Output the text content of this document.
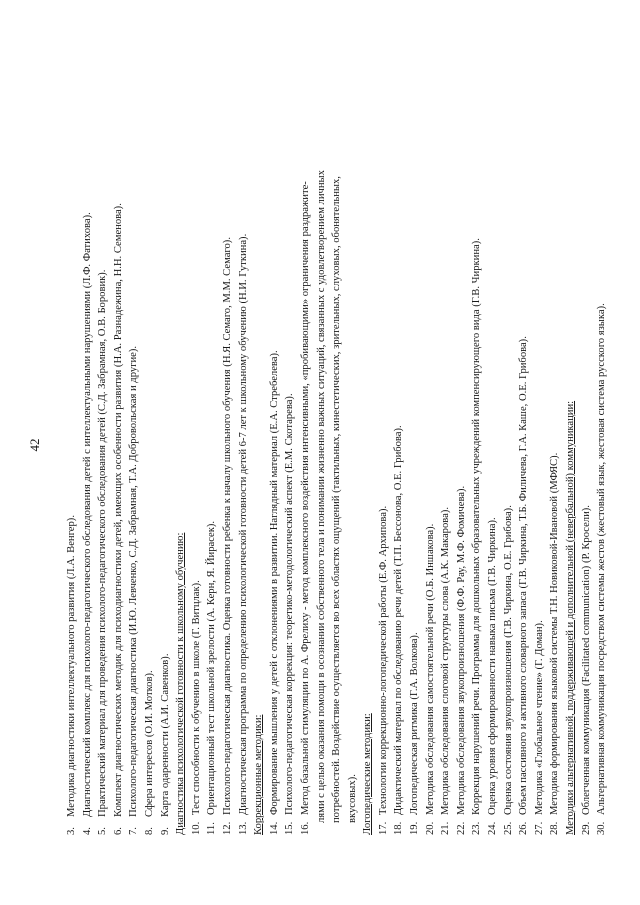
42
3.Методика диагностики интеллектуального развития (Л.А. Венгер).
4.Диагностический комплекс для психолого-педагогического обследования детей с интеллектуальными нарушениями (Л.Ф. Фатихова).
5.Практический материал для проведения психолого-педагогического обследования детей (С.Д. Забрамная, О.В. Боровик).
6.Комплект диагностических методик для психодиагностики детей, имеющих особенности развития (Н.А. Разнадежина, Н.Н. Семенова).
7.Психолого-педагогическая диагностика (И.Ю. Левченко, С.Д. Забрамная, Т.А. Добровольская и другие).
8.Сфера интересов (О.И. Мотков).
9.Карта одаренности (А.И. Савенков). Диагностика психологической готовности к школьному обучению: 10.Тест способности к обучению в школе (Г. Витцлак).
11.Ориентационный тест школьной зрелости (А. Керн, Я. Йирасек).
12.Психолого-педагогическая диагностика. Оценка готовности ребенка к началу школьного обучения (Н.Я. Семаго, М.М. Семаго).
13.Диагностическая программа по определению психологической готовности детей 6-7 лет к школьному обучению (Н.И. Гуткина). Коррекционные методики: 14.Формирование мышления у детей с отклонениями в развитии. Наглядный материал (Е.А. Стребелева).
15.Психолого-педагогическая коррекция: теоретико-методологический аспект (Е.М. Скотарева).
16.Метод базальной стимуляции по А. Фрелиху - метод комплексного воздействия интенсивными, «пробивающими» ограничения раздражите- лями с целью оказания помощи в осознании собственного тела и понимании жизненно важных ситуаций, связанных с удовлетворением личных потребностей. Воздействие осуществляется во всех областях ощущений (тактильных, кинестетических, зрительных, слуховых, обонятельных, вкусовых). Логопедические методики: 17.Технологии коррекционно-логопедической работы (Е.Ф. Архипова).
18.Дидактический материал по обследованию речи детей (Т.П. Бессонова, О.Е. Грибова).
19.Логопедическая ритмика (Г.А. Волкова).
20.Методика обследования самостоятельной речи (О.Б. Иншакова).
21.Методика обследования слоговой структуры слова (А.К. Макарова).
22.Методика обследования звукопроизношения (Ф.Ф. Рау, М.Ф. Фомичева).
23.Коррекция нарушений речи. Программа для дошкольных образовательных учреждений компенсирующего вида (Г.В. Чиркина).
24.Оценка уровня сформированности навыка письма (Г.В. Чиркина).
25.Оценка состояния звукопроизношения (Г.В. Чиркина, О.Е. Грибова).
26.Объем пассивного и активного словарного запаса (Г.В. Чиркина, Т.Б. Филичева, Г.А. Каше, О.Е. Грибова).
27.Методика «Глобальное чтение» (Г. Доман).
28.Методика формирования языковой системы Т.Н. Новиковой-Ивановой (МФЯС). Методики альтернативной, поддерживающей и дополнительной (невербальной) коммуникации: 29.Облегченная коммуникация (Facilitated communication) (Р. Кросели).
30.Альтернативная коммуникация посредством системы жестов (жестовый язык, жестовая система русского языка).
